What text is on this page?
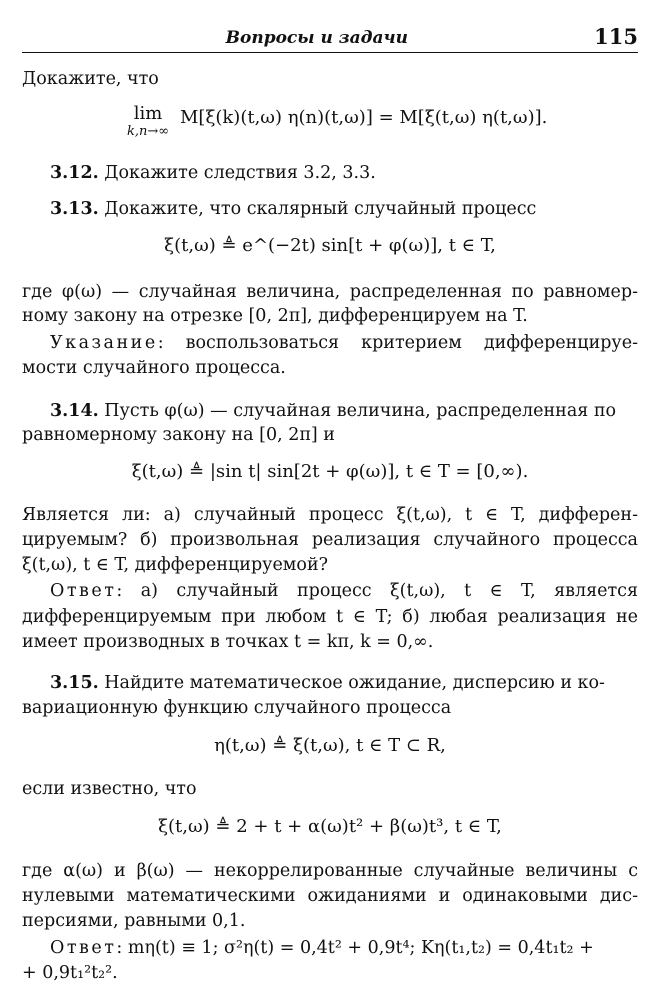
Вопросы и задачи	115
Докажите, что
lim
k,n→∞
M[ξ(k)(t,ω) η(n)(t,ω)] = M[ξ(t,ω) η(t,ω)].
3.12. Докажите следствия 3.2, 3.3.
3.13. Докажите, что скалярный случайный процесс
ξ(t,ω) ≜ e^(−2t) sin[t + φ(ω)], t ∈ T,
где φ(ω) — случайная величина, распределенная по равномер-
ному закону на отрезке [0, 2π], дифференцируем на T.
Указание: воспользоваться критерием дифференцируе-
мости случайного процесса.
3.14. Пусть φ(ω) — случайная величина, распределенная по
равномерному закону на [0, 2π] и
ξ(t,ω) ≜ |sin t| sin[2t + φ(ω)], t ∈ T = [0,∞).
Является ли: а) случайный процесс ξ(t,ω), t ∈ T, дифферен-
цируемым? б) произвольная реализация случайного процесса
ξ(t,ω), t ∈ T, дифференцируемой?
Ответ: а) случайный процесс ξ(t,ω), t ∈ T, является
дифференцируемым при любом t ∈ T; б) любая реализация не
имеет производных в точках t = kπ, k = 0,∞.
3.15. Найдите математическое ожидание, дисперсию и ко-
вариационную функцию случайного процесса
η(t,ω) ≜ ξ̇(t,ω), t ∈ T ⊂ R,
если известно, что
ξ(t,ω) ≜ 2 + t + α(ω)t² + β(ω)t³, t ∈ T,
где α(ω) и β(ω) — некоррелированные случайные величины с
нулевыми математическими ожиданиями и одинаковыми дис-
персиями, равными 0,1.
Ответ: mη(t) ≡ 1; σ²η(t) = 0,4t² + 0,9t⁴; Kη(t₁,t₂) = 0,4t₁t₂ +
+ 0,9t₁²t₂².
